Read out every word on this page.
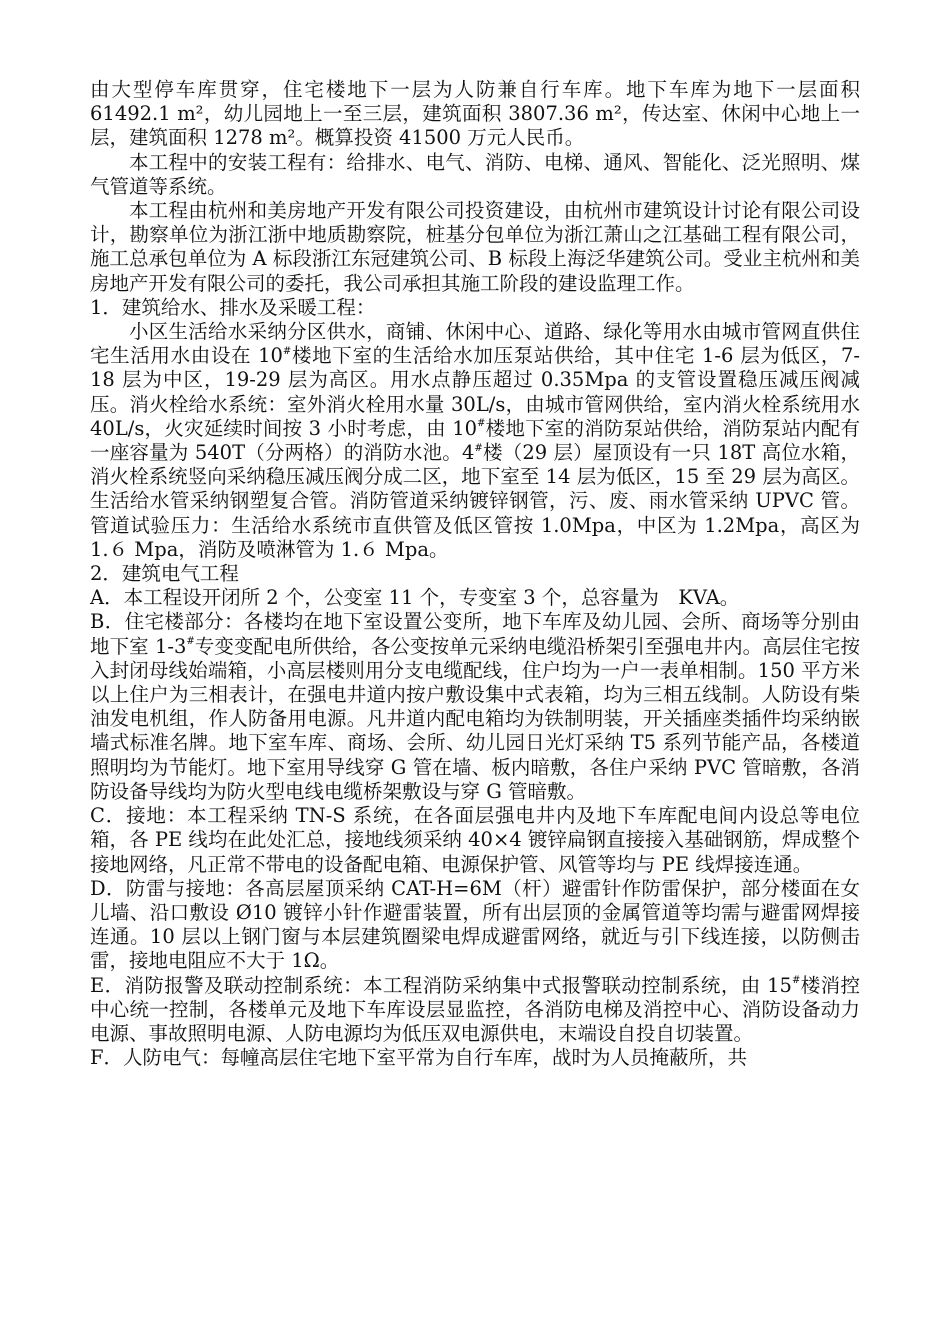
由大型停车库贯穿，住宅楼地下一层为人防兼自行车库。地下车库为地下一层面积 61492.1 m²，幼儿园地上一至三层，建筑面积 3807.36 m²，传达室、休闲中心地上一层，建筑面积 1278 m²。概算投资 41500 万元人民币。

本工程中的安装工程有：给排水、电气、消防、电梯、通风、智能化、泛光照明、煤气管道等系统。

本工程由杭州和美房地产开发有限公司投资建设，由杭州市建筑设计讨论有限公司设计，勘察单位为浙江浙中地质勘察院，桩基分包单位为浙江萧山之江基础工程有限公司，施工总承包单位为 A 标段浙江东冠建筑公司、B 标段上海泛华建筑公司。受业主杭州和美房地产开发有限公司的委托，我公司承担其施工阶段的建设监理工作。

1．建筑给水、排水及采暖工程：

小区生活给水采纳分区供水，商铺、休闲中心、道路、绿化等用水由城市管网直供住宅生活用水由设在 10#楼地下室的生活给水加压泵站供给，其中住宅 1-6 层为低区，7-18 层为中区，19-29 层为高区。用水点静压超过 0.35Mpa 的支管设置稳压减压阀减压。消火栓给水系统：室外消火栓用水量 30L/s，由城市管网供给，室内消火栓系统用水 40L/s，火灾延续时间按 3 小时考虑，由 10#楼地下室的消防泵站供给，消防泵站内配有一座容量为 540T（分两格）的消防水池。4#楼（29 层）屋顶设有一只 18T 高位水箱，消火栓系统竖向采纳稳压减压阀分成二区，地下室至 14 层为低区，15 至 29 层为高区。生活给水管采纳钢塑复合管。消防管道采纳镀锌钢管，污、废、雨水管采纳 UPVC 管。管道试验压力：生活给水系统市直供管及低区管按 1.0Mpa，中区为 1.2Mpa，高区为 1.６ Mpa，消防及喷淋管为 1.６ Mpa。

2．建筑电气工程

A．本工程设开闭所 2 个，公变室 11 个，专变室 3 个，总容量为　KVA。

B．住宅楼部分：各楼均在地下室设置公变所，地下车库及幼儿园、会所、商场等分别由地下室 1-3#专变变配电所供给，各公变按单元采纳电缆沿桥架引至强电井内。高层住宅按入封闭母线始端箱，小高层楼则用分支电缆配线，住户均为一户一表单相制。150 平方米以上住户为三相表计，在强电井道内按户敷设集中式表箱，均为三相五线制。人防设有柴油发电机组，作人防备用电源。凡井道内配电箱均为铁制明装，开关插座类插件均采纳嵌墙式标准名牌。地下室车库、商场、会所、幼儿园日光灯采纳 T5 系列节能产品，各楼道照明均为节能灯。地下室用导线穿 G 管在墙、板内暗敷，各住户采纳 PVC 管暗敷，各消防设备导线均为防火型电线电缆桥架敷设与穿 G 管暗敷。

C．接地：本工程采纳 TN-S 系统，在各面层强电井内及地下车库配电间内设总等电位箱，各 PE 线均在此处汇总，接地线须采纳 40×4 镀锌扁钢直接接入基础钢筋，焊成整个接地网络，凡正常不带电的设备配电箱、电源保护管、风管等均与 PE 线焊接连通。

D．防雷与接地：各高层屋顶采纳 CAT-H=6M（杆）避雷针作防雷保护，部分楼面在女儿墙、沿口敷设 Ø10 镀锌小针作避雷装置，所有出层顶的金属管道等均需与避雷网焊接连通。10 层以上钢门窗与本层建筑圈梁电焊成避雷网络，就近与引下线连接，以防侧击雷，接地电阻应不大于 1Ω。

E．消防报警及联动控制系统：本工程消防采纳集中式报警联动控制系统，由 15#楼消控中心统一控制，各楼单元及地下车库设层显监控，各消防电梯及消控中心、消防设备动力电源、事故照明电源、人防电源均为低压双电源供电，末端设自投自切装置。

F．人防电气：每幢高层住宅地下室平常为自行车库，战时为人员掩蔽所，共
